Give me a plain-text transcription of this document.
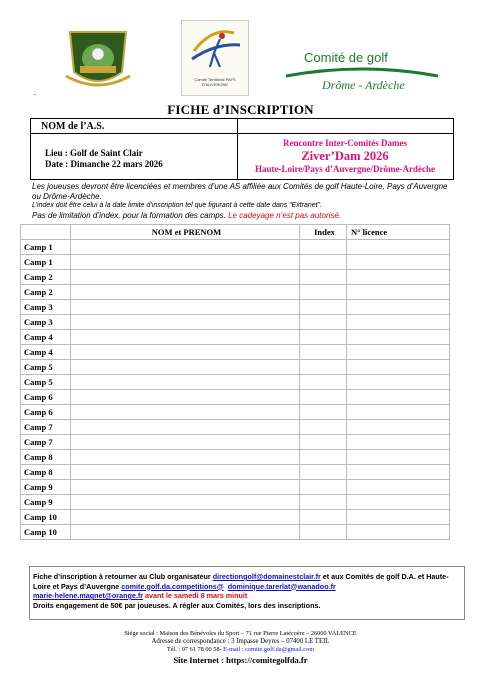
Comité Territorial PAYS D'AUVERGNE
Comité de golf
Drôme - Ardèche
.
FICHE d’INSCRIPTION
NOM de l’A.S.
Lieu : Golf de Saint Clair
Date : Dimanche 22 mars 2026
Rencontre Inter-Comités Dames
Ziver’Dam 2026
Haute-Loire/Pays d’Auvergne/Drôme-Ardèche
Les joueuses devront être licenciées et membres d’une AS affiliée aux Comités de golf Haute-Loire, Pays d’Auvergne ou Drôme-Ardèche.
L’index doit être celui à la date limite d’inscription tel que figurant à cette date dans “Extranet”.
Pas de limitation d’index, pour la formation des camps. Le cadeyage n’est pas autorisé.
	NOM et PRENOM	Index	N° licence
Camp 1			
Camp 1			
Camp 2			
Camp 2			
Camp 3			
Camp 3			
Camp 4			
Camp 4			
Camp 5			
Camp 5			
Camp 6			
Camp 6			
Camp 7			
Camp 7			
Camp 8			
Camp 8			
Camp 9			
Camp 9			
Camp 10			
Camp 10			
Fiche d’inscription à retourner au Club organisateur directiongolf@domainestclair.fr et aux Comités de golf D.A. et Haute-Loire et Pays d’Auvergne comite.golf.da.competitions@ dominique.tarerlat@wanadoo.fr
marie-helene.magnet@orange.fr avant le samedi 8 mars minuit
Droits engagement de 50€ par joueuses. A régler aux Comités, lors des inscriptions.
Siège social : Maison des Bénévoles du Sport – 71 rue Pierre Latécoère – 26000 VALENCE
Adresse de correspondance : 3 Impasse Deyres – 07400 LE TEIL
Tél. : 07 61 78 00 58- E-mail : comite.golf.da@gmail.com
Site Internet : https://comitegolfda.fr
